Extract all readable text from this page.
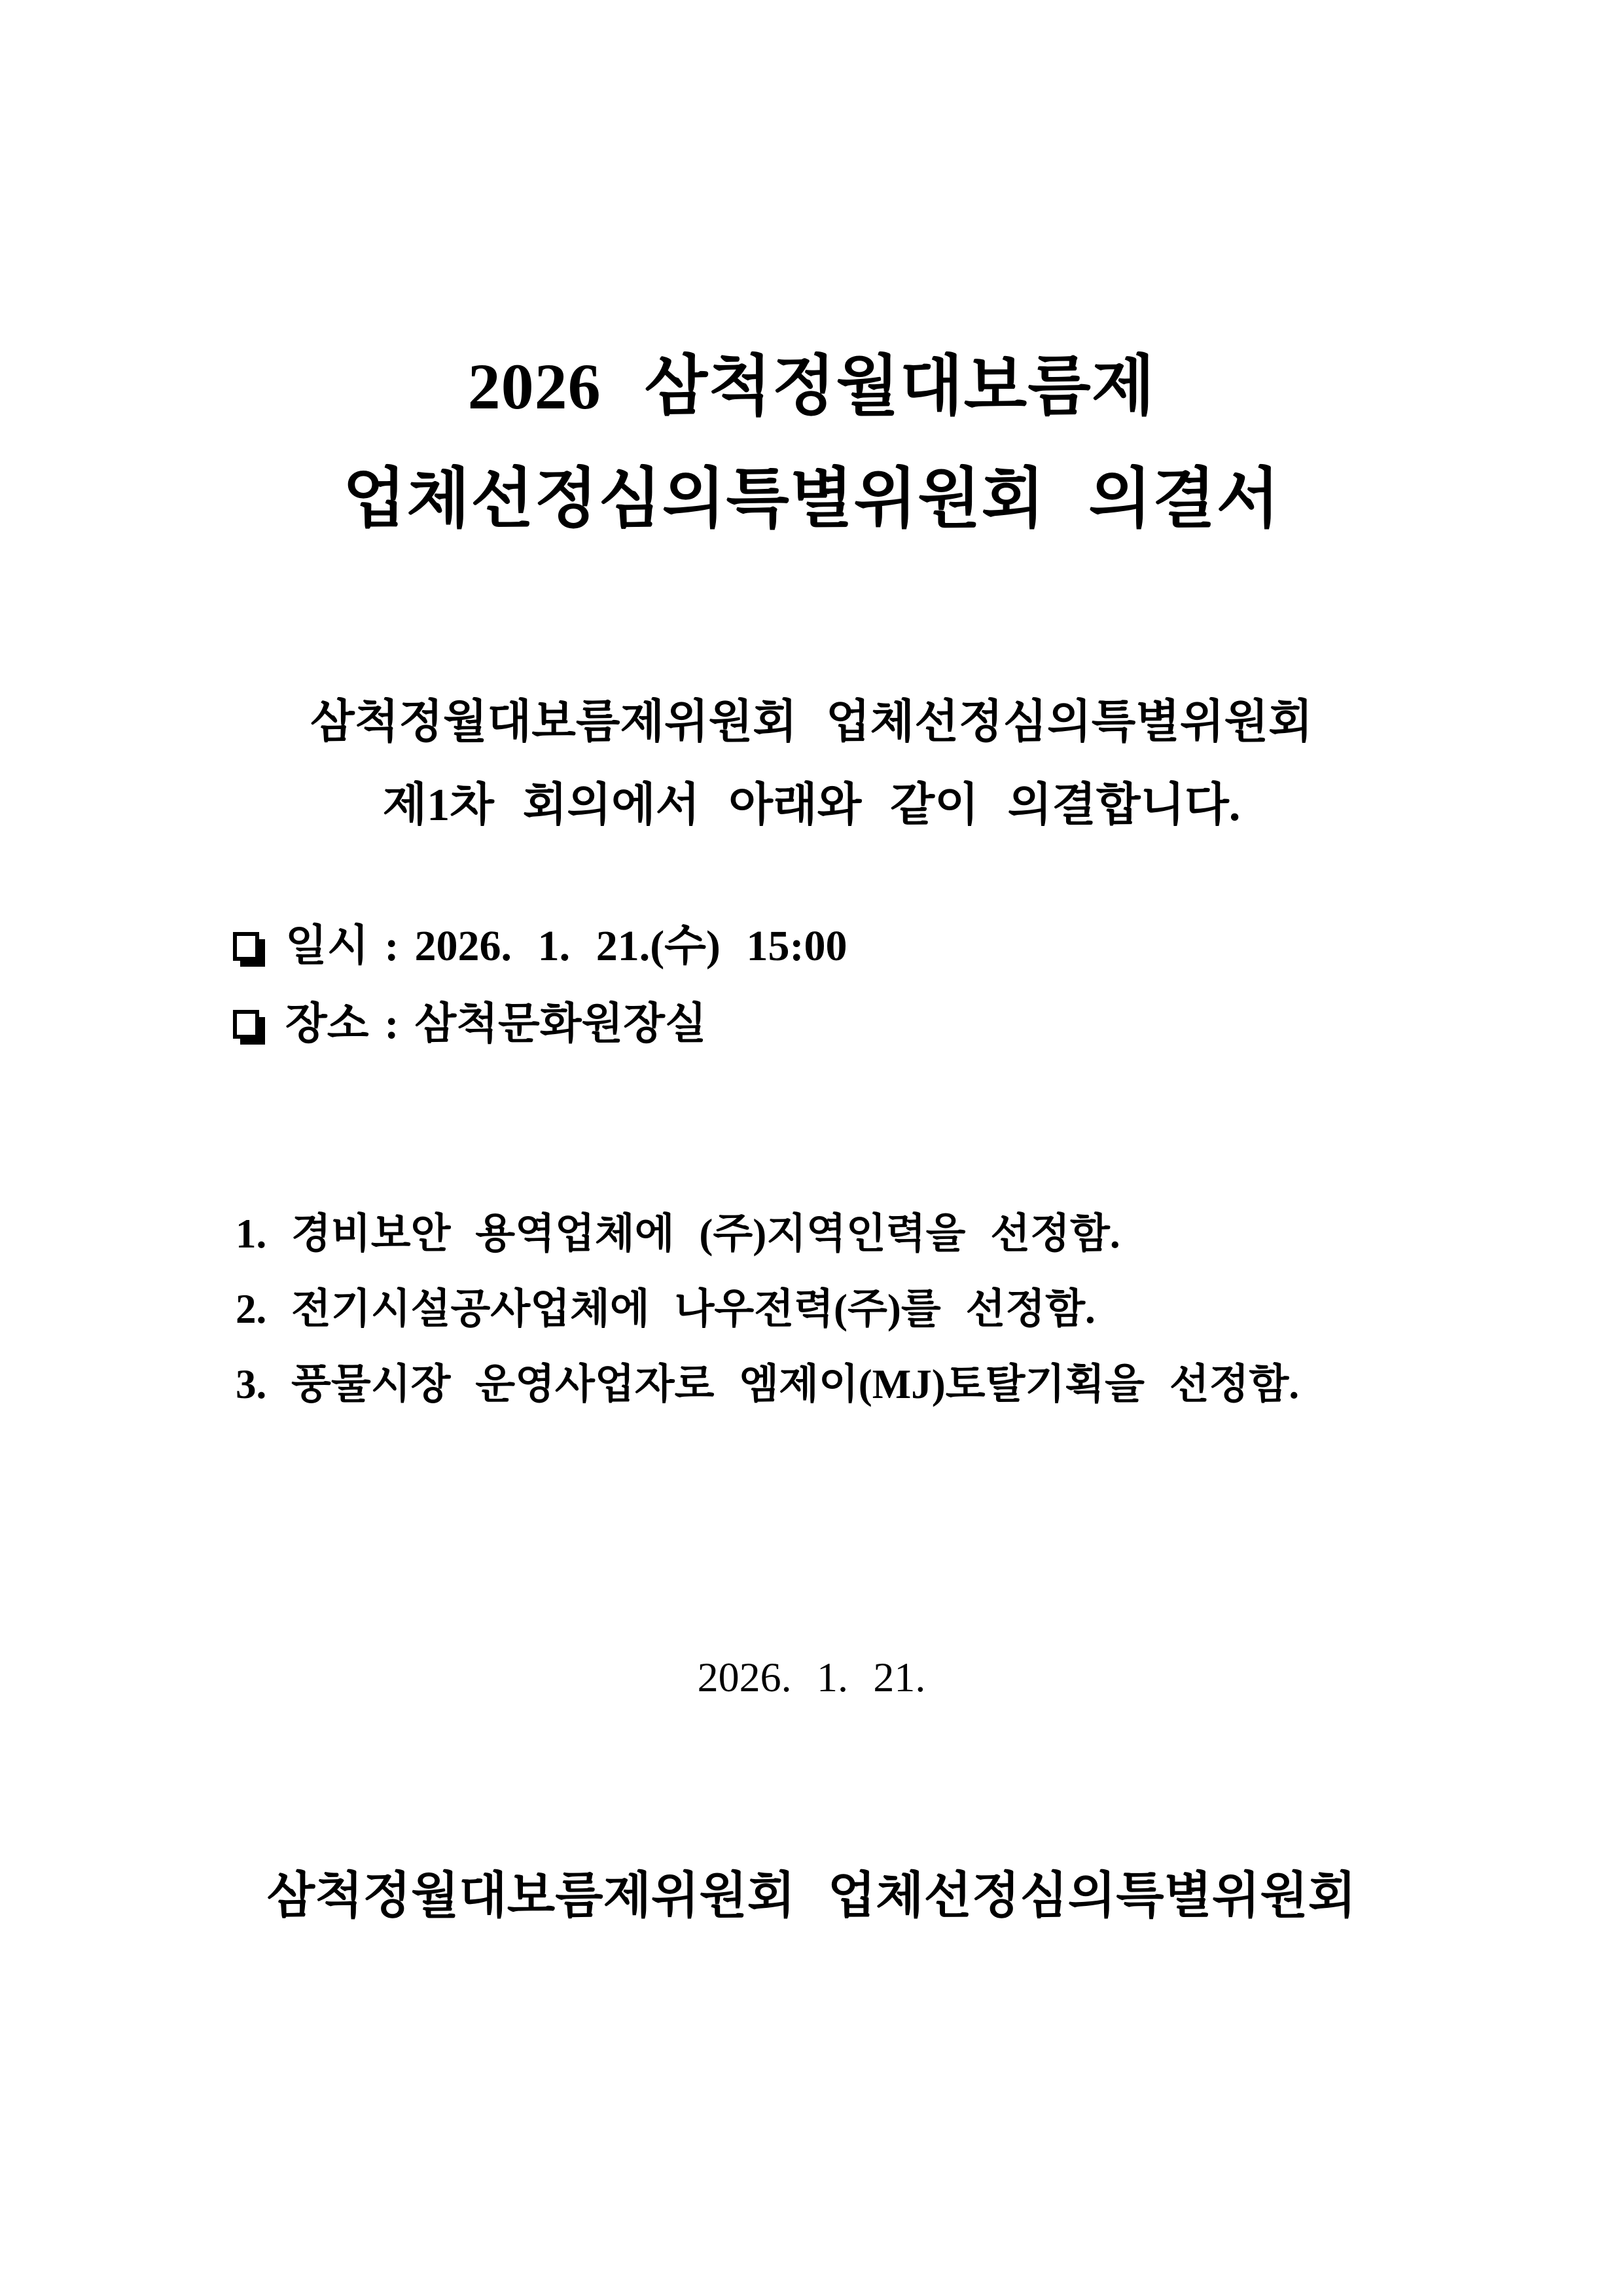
2026 삼척정월대보름제
업체선정심의특별위원회 의결서
삼척정월대보름제위원회 업체선정심의특별위원회
제1차 회의에서 아래와 같이 의결합니다.
일시 : 2026. 1. 21.(수) 15:00
장소 : 삼척문화원장실
1. 경비보안 용역업체에 (주)지역인력을 선정함.
2. 전기시설공사업체에 나우전력(주)를 선정함.
3. 풍물시장 운영사업자로 엠제이(MJ)토탈기획을 선정함.
2026. 1. 21.
삼척정월대보름제위원회 업체선정심의특별위원회
